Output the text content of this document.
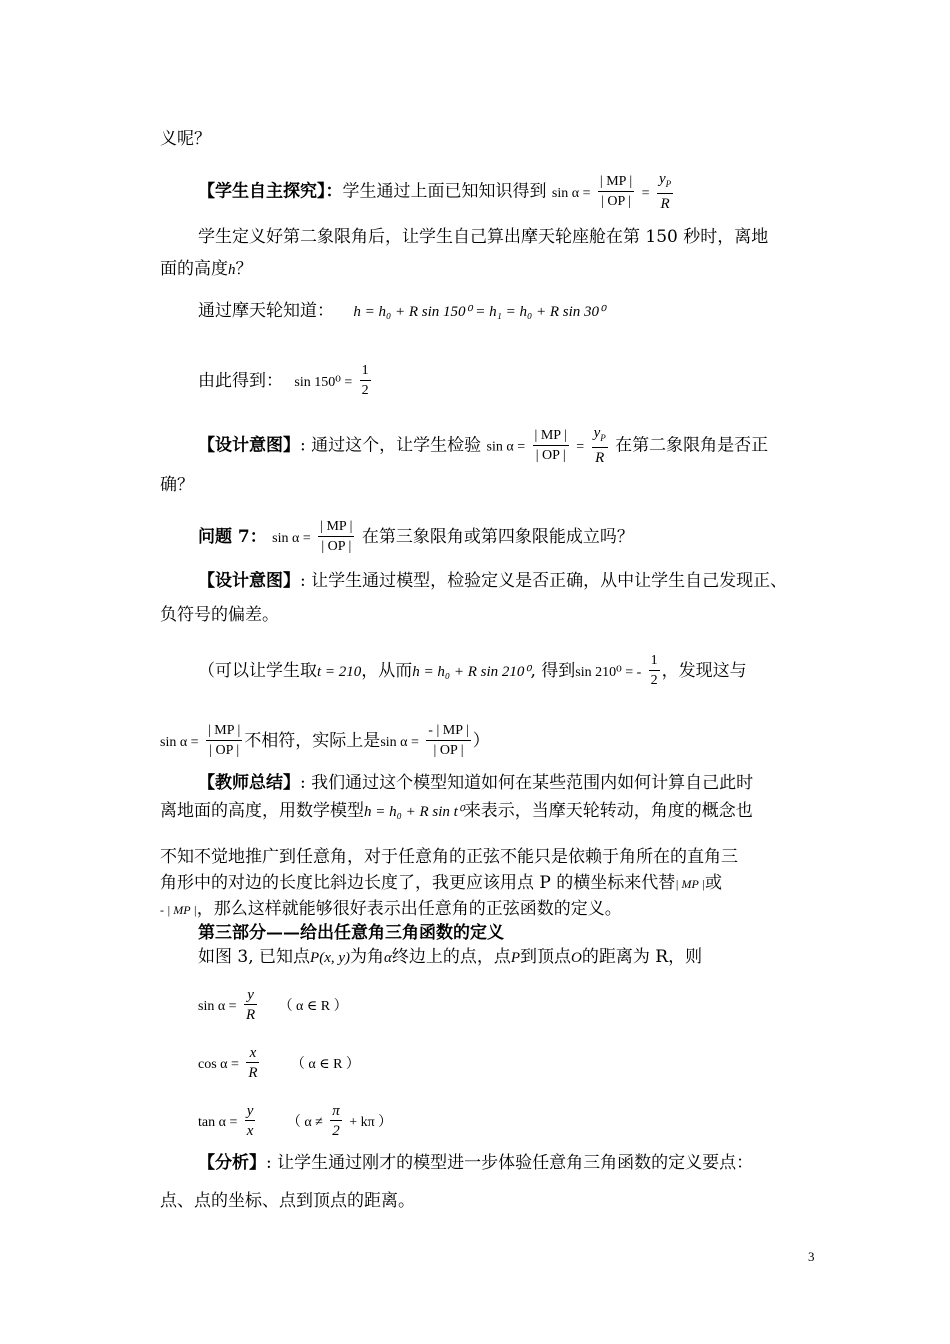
义呢？
【学生自主探究】：学生通过上面已知知识得到 $\sin \alpha = \frac{| MP |}{| OP |} = \frac{y_P}{R}$
学生定义好第二象限角后，让学生自己算出摩天轮座舱在第 150 秒时，离地
面的高度h？
通过摩天轮知道： h = h₀ + R sin 150⁰ = h₁ = h₀ + R sin 30⁰
由此得到： $\sin 150^0 = \frac{1}{2}$
【设计意图】: 通过这个，让学生检验 $\sin \alpha = \frac{| MP |}{| OP |} = \frac{y_P}{R}$ 在第二象限角是否正
确？
问题 7： $\sin \alpha = \frac{| MP |}{| OP |}$ 在第三象限角或第四象限能成立吗？
【设计意图】: 让学生通过模型，检验定义是否正确，从中让学生自己发现正、
负符号的偏差。
（可以让学生取t = 210，从而h = h₀ + R sin 210⁰, 得到sin 210⁰ = - $\frac{1}{2}$ ，发现这与
$\sin \alpha = \frac{| MP |}{| OP |}$ 不相符，实际上是$\sin \alpha = \frac{- | MP |}{| OP |}$ ）
【教师总结】: 我们通过这个模型知道如何在某些范围内如何计算自己此时
离地面的高度，用数学模型h = h₀ + R sin t⁰来表示，当摩天轮转动，角度的概念也
不知不觉地推广到任意角，对于任意角的正弦不能只是依赖于角所在的直角三
角形中的对边的长度比斜边长度了，我更应该用点 P 的横坐标来代替| MP |或
- | MP |，那么这样就能够很好表示出任意角的正弦函数的定义。
第三部分——给出任意角三角函数的定义
如图 3, 已知点P(x, y)为角α终边上的点，点P到顶点O的距离为 R，则
$\sin \alpha = \frac{y}{R}$ （ α ∈ R ）
$\cos \alpha = \frac{x}{R}$ （ α ∈ R ）
$\tan \alpha = \frac{y}{x}$ （ $\alpha \ne \frac{\pi}{2} + k\pi$ ）
【分析】: 让学生通过刚才的模型进一步体验任意角三角函数的定义要点：
点、点的坐标、点到顶点的距离。
3
